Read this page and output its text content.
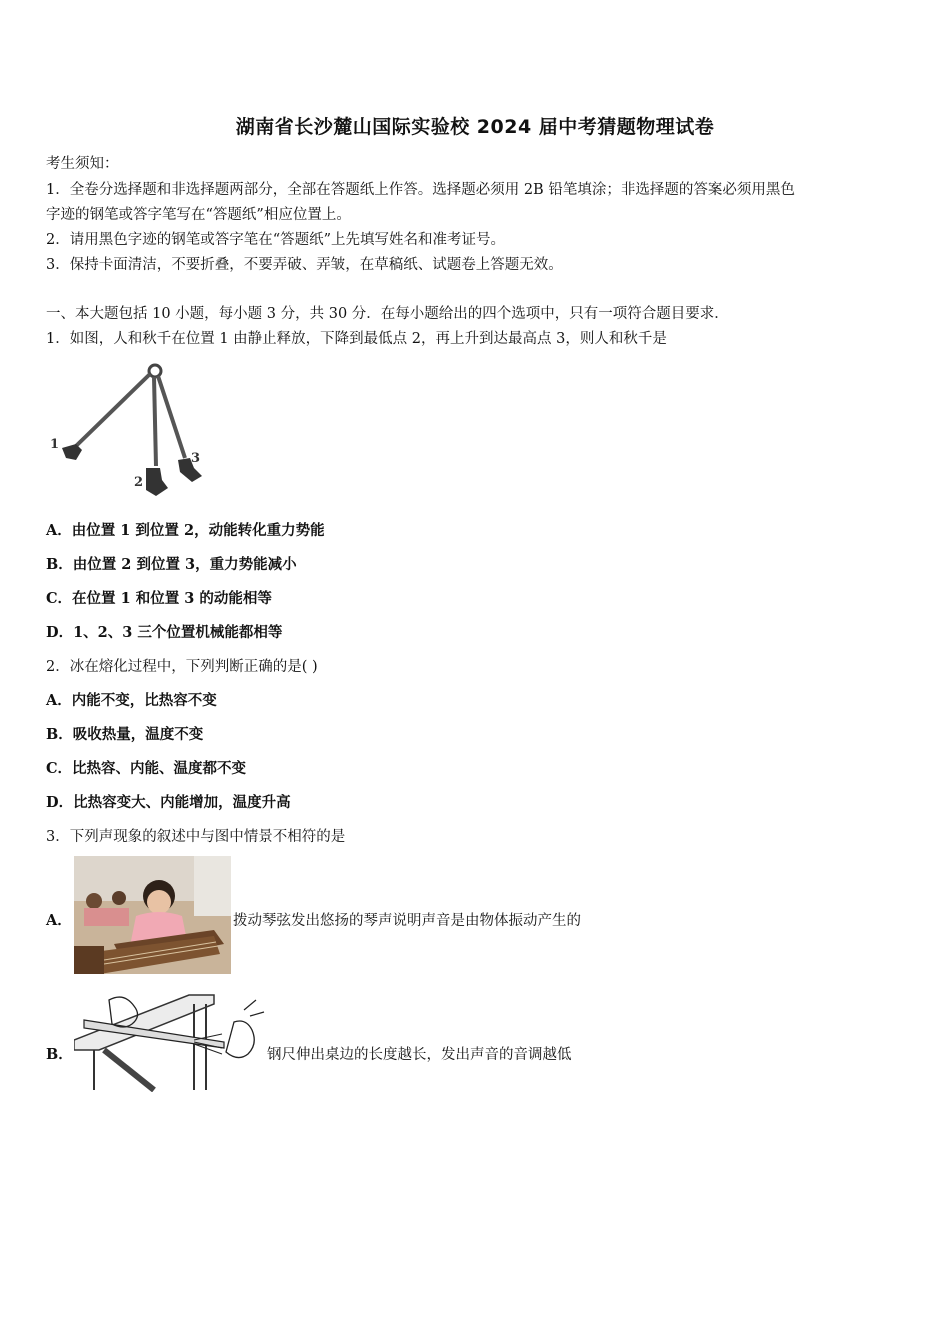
湖南省长沙麓山国际实验校 2024 届中考猜题物理试卷
考生须知：
1．全卷分选择题和非选择题两部分，全部在答题纸上作答。选择题必须用 2B 铅笔填涂；非选择题的答案必须用黑色
字迹的钢笔或答字笔写在“答题纸”相应位置上。
2．请用黑色字迹的钢笔或答字笔在“答题纸”上先填写姓名和准考证号。
3．保持卡面清洁，不要折叠，不要弄破、弄皱，在草稿纸、试题卷上答题无效。
一、本大题包括 10 小题，每小题 3 分，共 30 分．在每小题给出的四个选项中，只有一项符合题目要求．
1．如图，人和秋千在位置 1 由静止释放，下降到最低点 2，再上升到达最高点 3，则人和秋千是
1
2
3
A．由位置 1 到位置 2，动能转化重力势能
B．由位置 2 到位置 3，重力势能减小
C．在位置 1 和位置 3 的动能相等
D．1、2、3 三个位置机械能都相等
2．冰在熔化过程中，下列判断正确的是( )
A．内能不变，比热容不变
B．吸收热量，温度不变
C．比热容、内能、温度都不变
D．比热容变大、内能增加，温度升高
3．下列声现象的叙述中与图中情景不相符的是
A．	拨动琴弦发出悠扬的琴声说明声音是由物体振动产生的
B．	钢尺伸出桌边的长度越长，发出声音的音调越低
